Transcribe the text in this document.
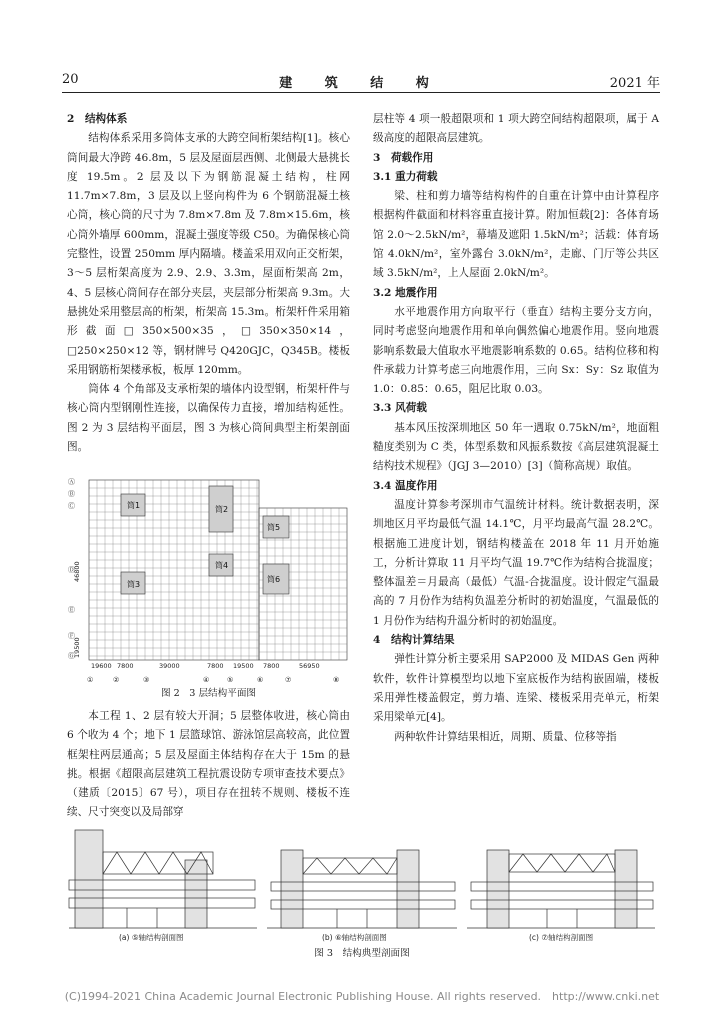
20	建 筑 结 构	2021 年
2　结构体系

结构体系采用多筒体支承的大跨空间桁架结构[1]。核心筒间最大净跨 46.8m，5 层及屋面层西侧、北侧最大悬挑长度 19.5m。2 层及以下为钢筋混凝土结构，柱网 11.7m×7.8m，3 层及以上竖向构件为 6 个钢筋混凝土核心筒，核心筒的尺寸为 7.8m×7.8m 及 7.8m×15.6m，核心筒外墙厚 600mm，混凝土强度等级 C50。为确保核心筒完整性，设置 250mm 厚内隔墙。楼盖采用双向正交桁架，3～5 层桁架高度为 2.9、2.9、3.3m，屋面桁架高 2m，4、5 层核心筒间存在部分夹层，夹层部分桁架高 9.3m。大悬挑处采用整层高的桁架，桁架高 15.3m。桁架杆件采用箱形截面□350×500×35，□350×350×14，□250×250×12 等，钢材牌号 Q420GJC，Q345B。楼板采用钢筋桁架楼承板，板厚 120mm。

筒体 4 个角部及支承桁架的墙体内设型钢，桁架杆件与核心筒内型钢刚性连接，以确保传力直接，增加结构延性。图 2 为 3 层结构平面层，图 3 为核心筒间典型主桁架剖面图。

筒1	筒2
筒3
筒4
筒5
筒6
19600 7800	39000	7800 19500 7800	56950
46800
19500
①	②	③	④	⑤	⑥	⑦	⑧
Ⓐ
Ⓑ
Ⓒ
Ⓓ
Ⓔ
Ⓕ
Ⓖ
图 2　3 层结构平面图

本工程 1、2 层有较大开洞；5 层整体收进，核心筒由 6 个收为 4 个；地下 1 层篮球馆、游泳馆层高较高，此位置框架柱两层通高；5 层及屋面主体结构存在大于 15m 的悬挑。根据《超限高层建筑工程抗震设防专项审查技术要点》（建质〔2015〕67 号），项目存在扭转不规则、楼板不连续、尺寸突变以及局部穿

层柱等 4 项一般超限项和 1 项大跨空间结构超限项，属于 A 级高度的超限高层建筑。
3　荷载作用
3.1 重力荷载

梁、柱和剪力墙等结构构件的自重在计算中由计算程序根据构件截面和材料容重直接计算。附加恒载[2]：各体育场馆 2.0～2.5kN/m²，幕墙及遮阳 1.5kN/m²；活载：体育场馆 4.0kN/m²，室外露台 3.0kN/m²，走廊、门厅等公共区域 3.5kN/m²，上人屋面 2.0kN/m²。

3.2 地震作用

水平地震作用方向取平行（垂直）结构主要分支方向，同时考虑竖向地震作用和单向偶然偏心地震作用。竖向地震影响系数最大值取水平地震影响系数的 0.65。结构位移和构件承载力计算考虑三向地震作用，三向 Sx：Sy：Sz 取值为 1.0：0.85：0.65，阻尼比取 0.03。

3.3 风荷载

基本风压按深圳地区 50 年一遇取 0.75kN/m²，地面粗糙度类别为 C 类，体型系数和风振系数按《高层建筑混凝土结构技术规程》（JGJ 3—2010）[3]（简称高规）取值。

3.4 温度作用

温度计算参考深圳市气温统计材料。统计数据表明，深圳地区月平均最低气温 14.1℃，月平均最高气温 28.2℃。根据施工进度计划，钢结构楼盖在 2018 年 11 月开始施工，分析计算取 11 月平均气温 19.7℃作为结构合拢温度；整体温差＝月最高（最低）气温-合拢温度。设计假定气温最高的 7 月份作为结构负温差分析时的初始温度，气温最低的 1 月份作为结构升温分析时的初始温度。

4　结构计算结果

弹性计算分析主要采用 SAP2000 及 MIDAS Gen 两种软件，软件计算模型均以地下室底板作为结构嵌固端，楼板采用弹性楼盖假定，剪力墙、连梁、楼板采用壳单元，桁架采用梁单元[4]。

两种软件计算结果相近，周期、质量、位移等指

(a) ⑤轴结构剖面图	(b) ⑥轴结构剖面图	(c) ⑦轴结构剖面图
图 3　结构典型剖面图
(C)1994-2021 China Academic Journal Electronic Publishing House. All rights reserved.　http://www.cnki.net
